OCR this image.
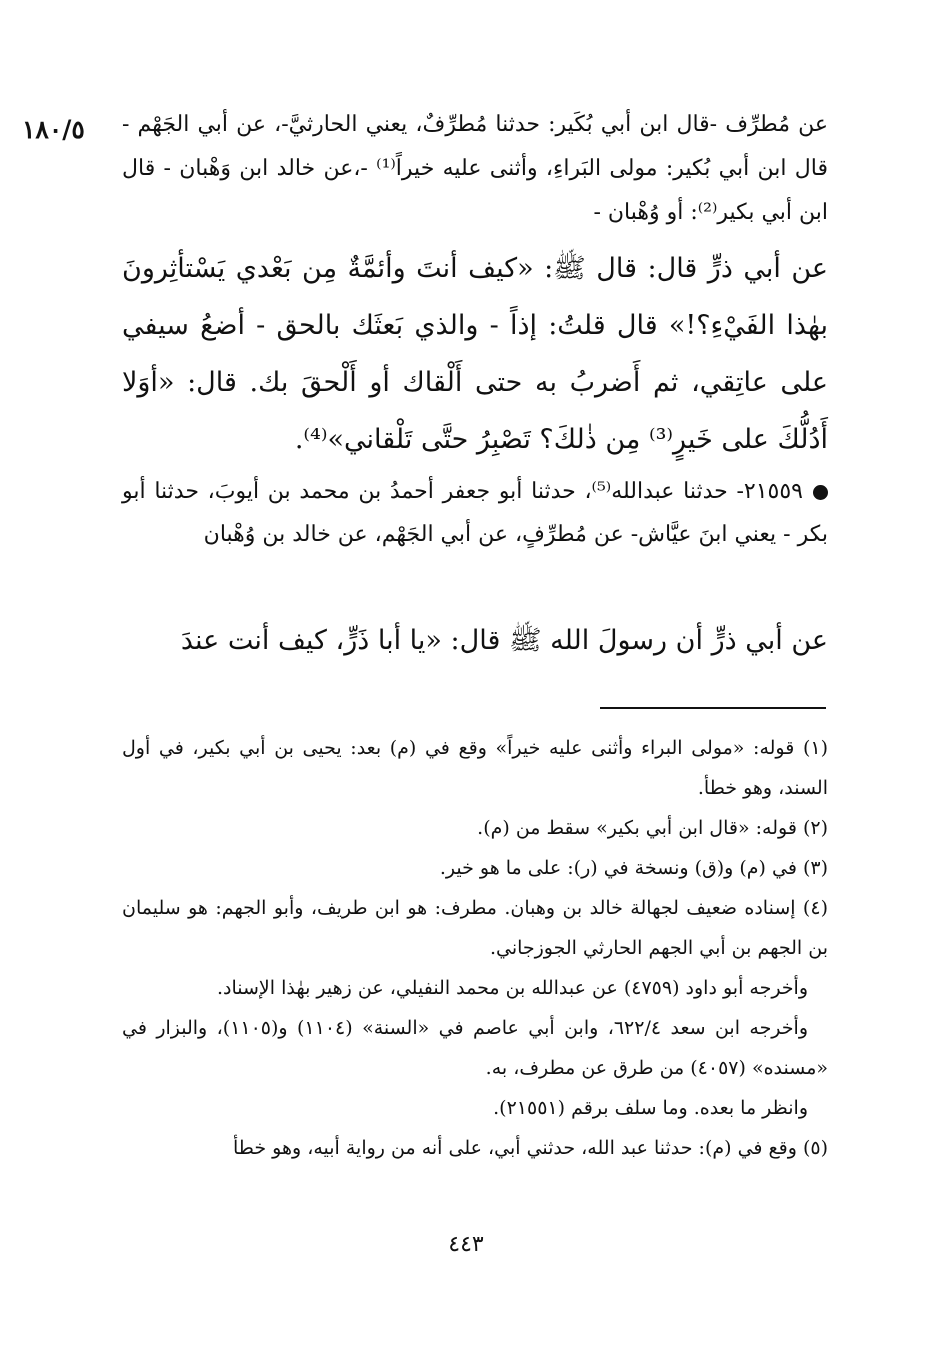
١٨٠/٥ عن مُطرِّف -قال ابن أبي بُكَير: حدثنا مُطرِّفٌ، يعني الحارثيَّ-، عن أبي الجَهْم - قال ابن أبي بُكير: مولى البَراءِ، وأثنى عليه خيراً⁽¹⁾ -،عن خالد ابن وَهْبان - قال ابن أبي بكير⁽²⁾: أو وُهْبان -
عن أبي ذرٍّ قال: قال ﷺ: «كيف أنتَ وأئمَّةٌ مِن بَعْدي يَسْتأثِرونَ بهٰذا الفَيْءِ؟!» قال قلتُ: إذاً - والذي بَعثَك بالحق - أضعُ سيفي على عاتِقي، ثم أَضربُ به حتى أَلْقاك أو أَلْحقَ بك. قال: «أوَلا أَدُلُّكَ على خَيرٍ⁽³⁾ مِن ذٰلكَ؟ تَصْبِرُ حتَّى تَلْقاني»⁽⁴⁾.
٢١٥٥٩- حدثنا عبدالله⁽⁵⁾، حدثنا أبو جعفر أحمدُ بن محمد بن أيوبَ، حدثنا أبو بكر - يعني ابنَ عيَّاش- عن مُطرِّفٍ، عن أبي الجَهْم، عن خالد بن وُهْبان
عن أبي ذرٍّ أن رسولَ الله ﷺ قال: «يا أبا ذَرٍّ، كيف أنت عندَ

(١) قوله: «مولى البراء وأثنى عليه خيراً» وقع في (م) بعد: يحيى بن أبي بكير، في أول السند، وهو خطأ.

(٢) قوله: «قال ابن أبي بكير» سقط من (م).

(٣) في (م) و(ق) ونسخة في (ر): على ما هو خير.

(٤) إسناده ضعيف لجهالة خالد بن وهبان. مطرف: هو ابن طريف، وأبو الجهم: هو سليمان بن الجهم بن أبي الجهم الحارثي الجوزجاني.

وأخرجه أبو داود (٤٧٥٩) عن عبدالله بن محمد النفيلي، عن زهير بهٰذا الإسناد.

وأخرجه ابن سعد ٦٢٢/٤، وابن أبي عاصم في «السنة» (١١٠٤) و(١١٠٥)، والبزار في «مسنده» (٤٠٥٧) من طرق عن مطرف، به.

وانظر ما بعده. وما سلف برقم (٢١٥٥١).

(٥) وقع في (م): حدثنا عبد الله، حدثني أبي، على أنه من رواية أبيه، وهو خطأ

٤٤٣
